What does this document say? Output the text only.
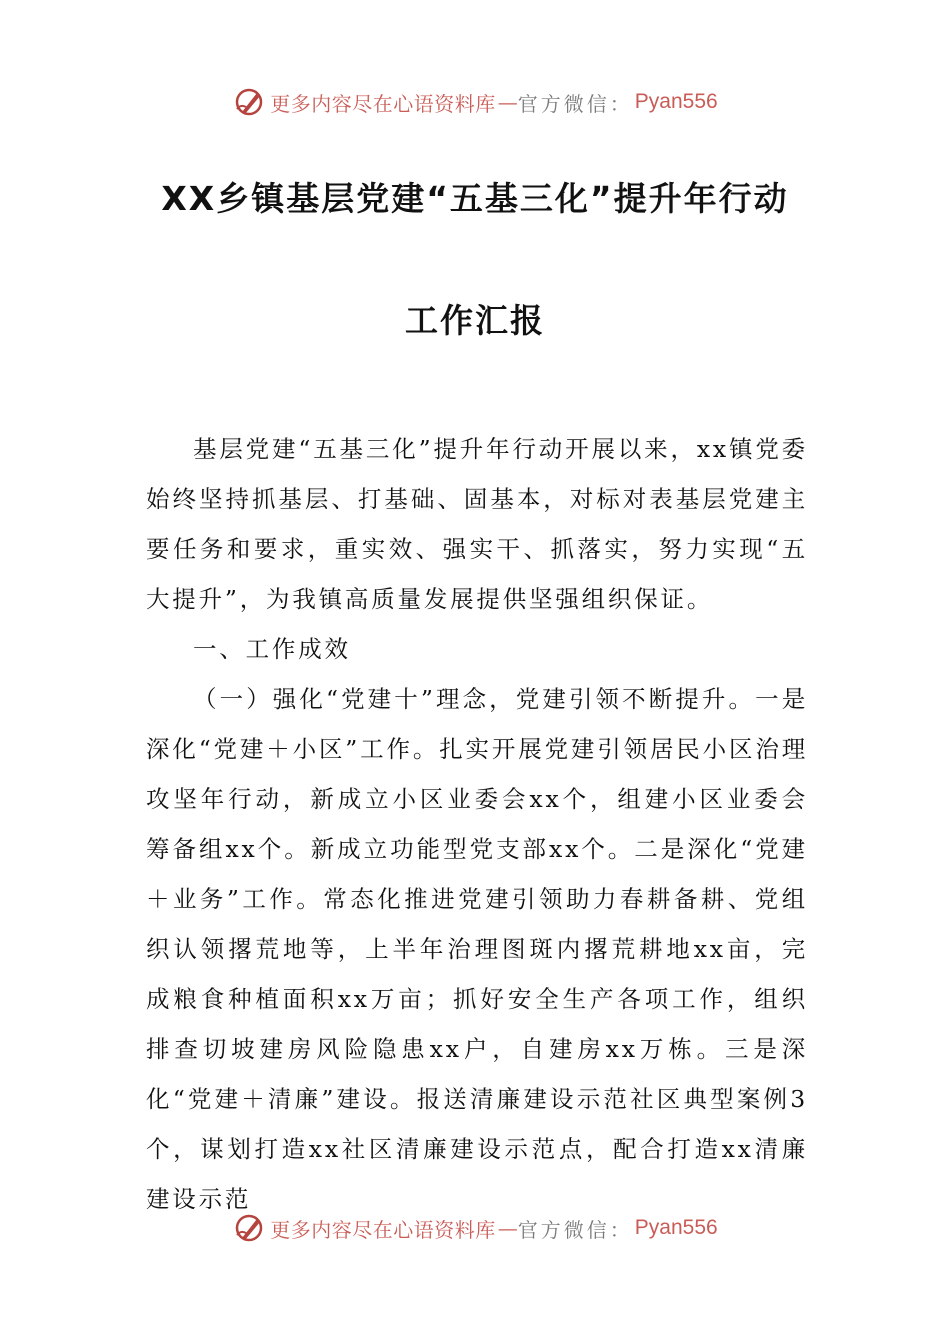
更多内容尽在心语资料库 — 官方微信： Pyan556
XX乡镇基层党建“五基三化”提升年行动
工作汇报

基层党建“五基三化”提升年行动开展以来，xx镇党委始终坚持抓基层、打基础、固基本，对标对表基层党建主要任务和要求，重实效、强实干、抓落实，努力实现“五大提升”，为我镇高质量发展提供坚强组织保证。

一、工作成效

（一）强化“党建十”理念，党建引领不断提升。一是深化“党建＋小区”工作。扎实开展党建引领居民小区治理攻坚年行动，新成立小区业委会xx个，组建小区业委会筹备组xx个。新成立功能型党支部xx个。二是深化“党建＋业务”工作。常态化推进党建引领助力春耕备耕、党组织认领撂荒地等，上半年治理图斑内撂荒耕地xx亩，完成粮食种植面积xx万亩；抓好安全生产各项工作，组织排查切坡建房风险隐患xx户，自建房xx万栋。三是深化“党建＋清廉”建设。报送清廉建设示范社区典型案例3个，谋划打造xx社区清廉建设示范点，配合打造xx清廉建设示范

更多内容尽在心语资料库 — 官方微信： Pyan556
